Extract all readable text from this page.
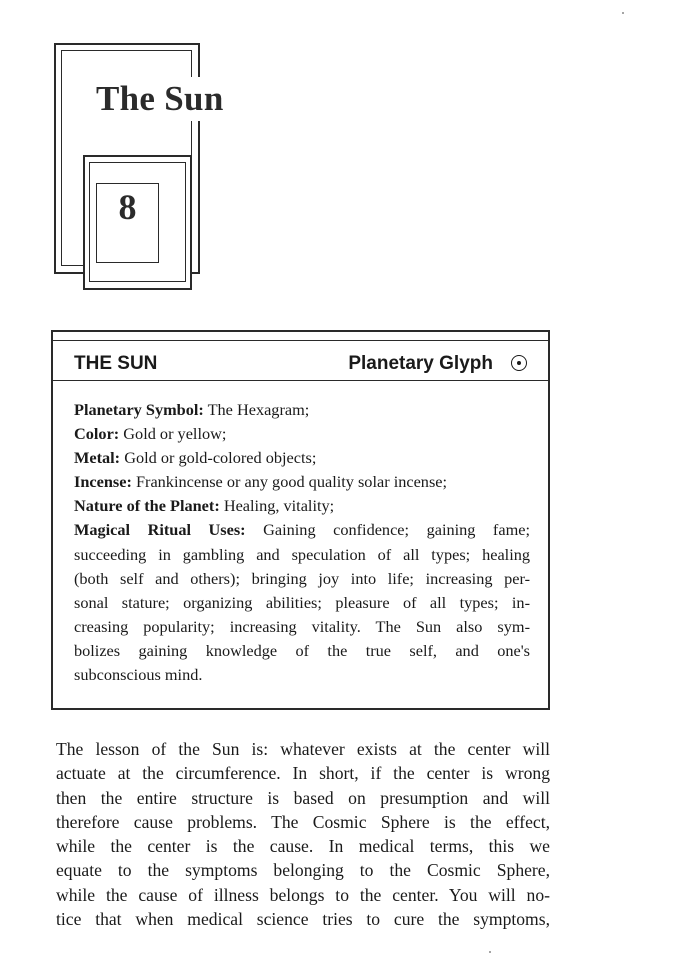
The Sun
8
THE SUN	Planetary Glyph

Planetary Symbol: The Hexagram;

Color: Gold or yellow;

Metal: Gold or gold-colored objects;

Incense: Frankincense or any good quality solar incense;

Nature of the Planet: Healing, vitality;

Magical Ritual Uses: Gaining confidence; gaining fame;

succeeding in gambling and speculation of all types; healing

(both self and others); bringing joy into life; increasing per-

sonal stature; organizing abilities; pleasure of all types; in-

creasing popularity; increasing vitality. The Sun also sym-

bolizes gaining knowledge of the true self, and one's

subconscious mind.

The lesson of the Sun is: whatever exists at the center will
actuate at the circumference. In short, if the center is wrong
then the entire structure is based on presumption and will
therefore cause problems. The Cosmic Sphere is the effect,
while the center is the cause. In medical terms, this we
equate to the symptoms belonging to the Cosmic Sphere,
while the cause of illness belongs to the center. You will no-
tice that when medical science tries to cure the symptoms,
